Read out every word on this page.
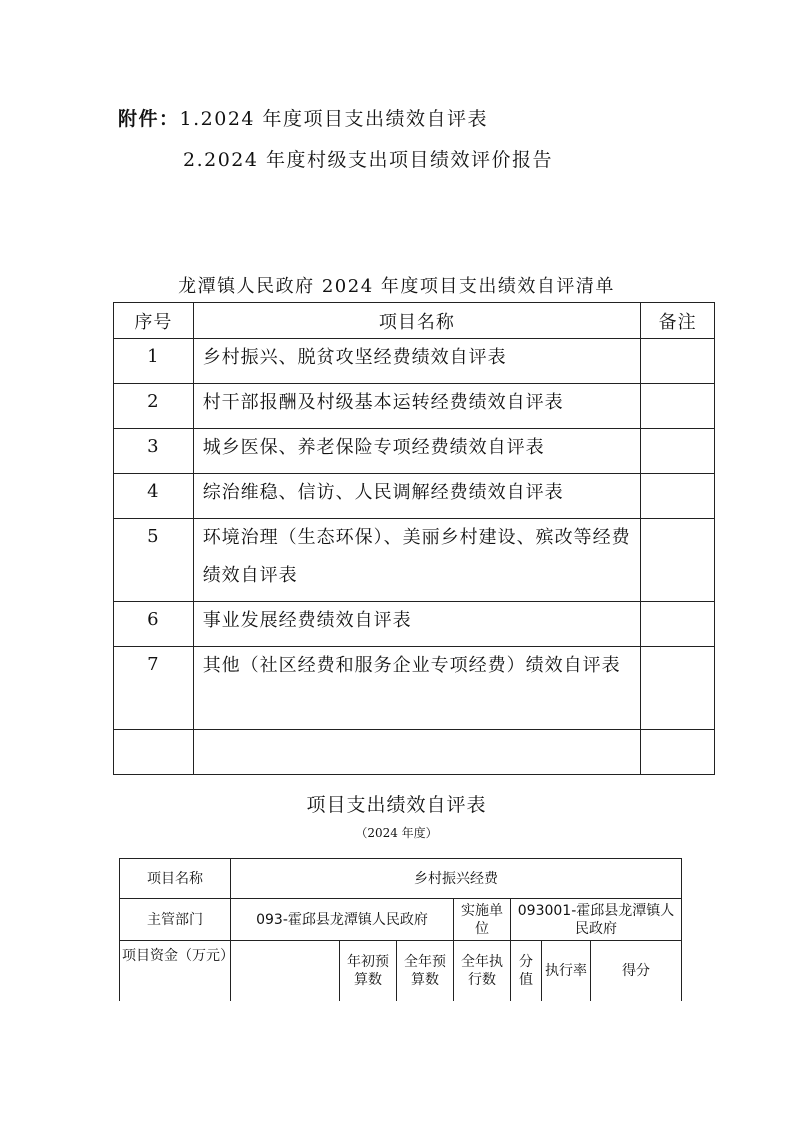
附件：1.2024 年度项目支出绩效自评表
2.2024 年度村级支出项目绩效评价报告
龙潭镇人民政府 2024 年度项目支出绩效自评清单
序号	项目名称	备注
1	乡村振兴、脱贫攻坚经费绩效自评表	
2	村干部报酬及村级基本运转经费绩效自评表	
3	城乡医保、养老保险专项经费绩效自评表	
4	综治维稳、信访、人民调解经费绩效自评表	
5	环境治理（生态环保）、美丽乡村建设、殡改等经费绩效自评表	
6	事业发展经费绩效自评表	
7	其他（社区经费和服务企业专项经费）绩效自评表	

项目支出绩效自评表
（2024 年度）
项目名称	乡村振兴经费						
主管部门	093-霍邱县龙潭镇人民政府			实施单位	093001-霍邱县龙潭镇人民政府		
项目资金（万元）		年初预算数	全年预算数	全年执行数	分值	执行率	得分
